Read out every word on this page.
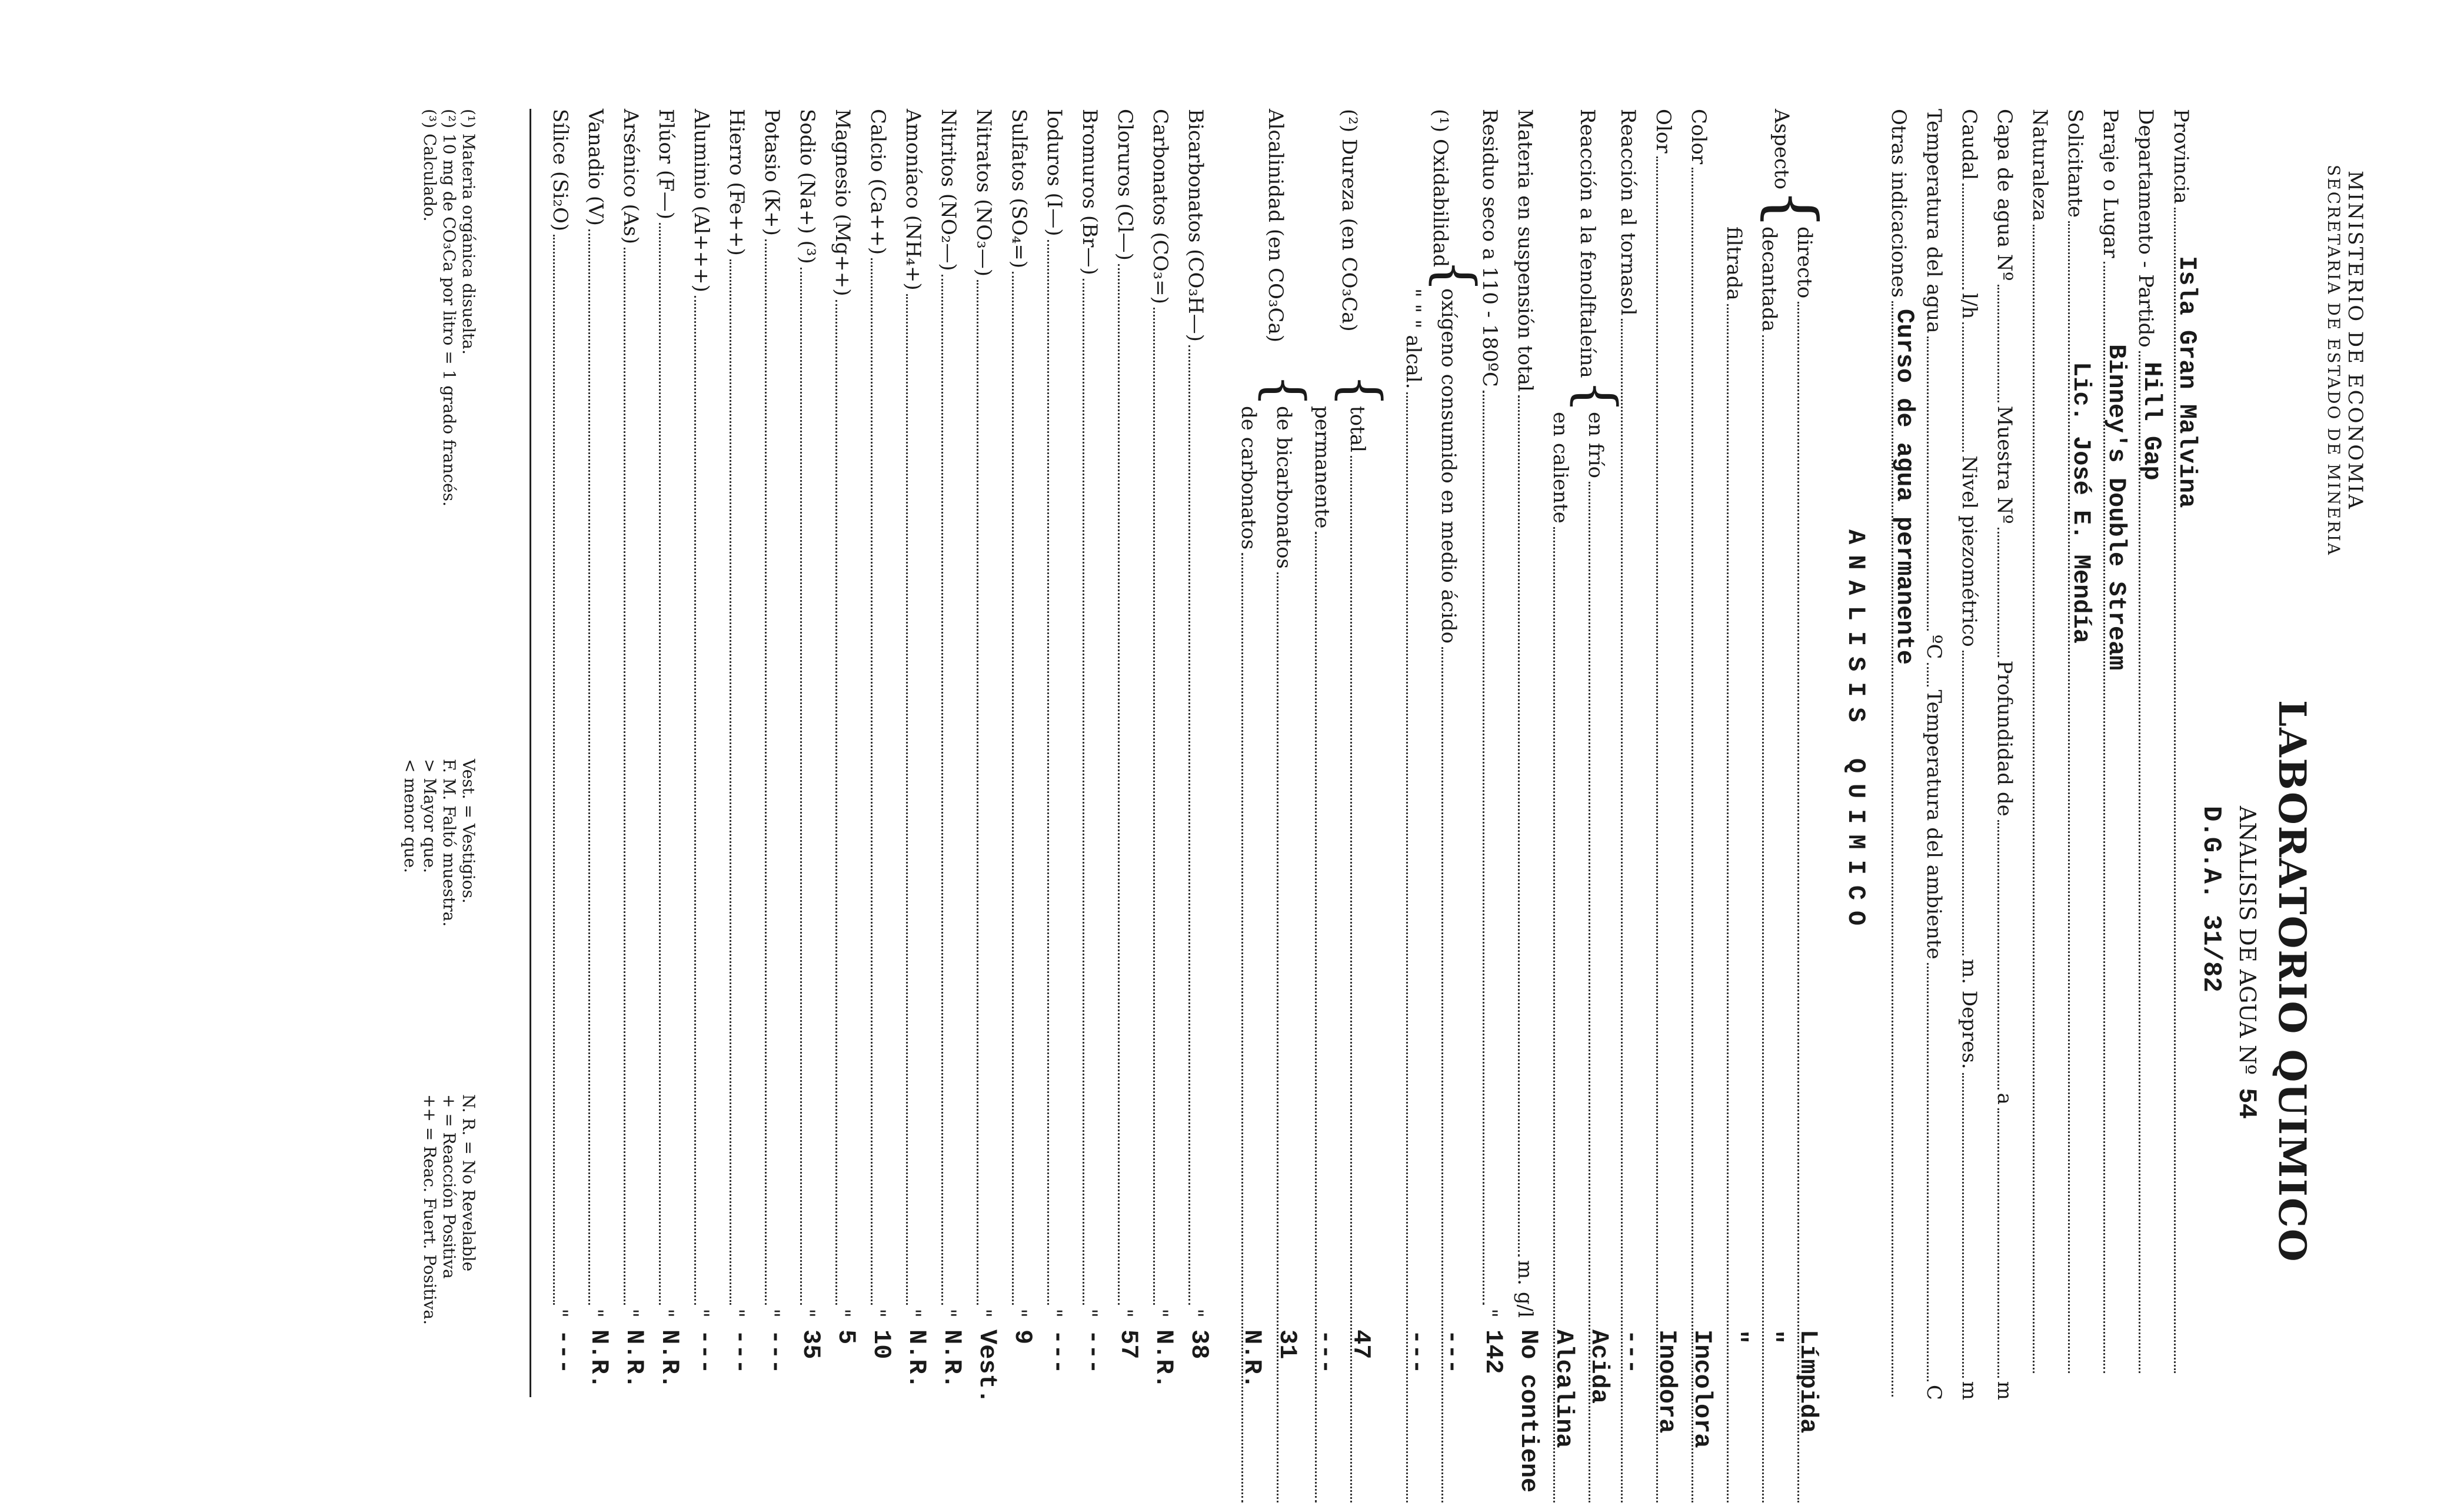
MINISTERIO DE ECONOMIA
SECRETARIA DE ESTADO DE MINERIA
LABORATORIO QUIMICO
ANALISIS DE AGUA Nº 54
D.G.A. 31/82
Provincia
Isla Gran Malvina
Departamento - Partido
Hill Gap
Paraje o Lugar
Binney's Double Stream
Solicitante
Lic. José E. Mendía
Naturaleza
Capa de agua Nº
Muestra Nº
Profundidad de
a
m
Caudal
l/h
Nivel piezométrico
m. Depres.
m
Temperatura del agua
ºC
Temperatura del ambiente
C
Otras indicaciones
Curso de agua permanente
ANALISIS QUIMICO
Aspecto
{
directo
Límpida
decantada
"
filtrada
"
Color
Incolora
Olor
Inodora
Reacción al tornasol
---
Reacción a la fenolftaleína
{
en frío
Acida
en caliente
Alcalina
Materia en suspensión total
m. g/l
No contiene
Residuo seco a 110 - 180ºC
"
142
(¹) Oxidabilidad
{
oxígeno consumido en medio ácido
---
" " " alcal.
---
(²) Dureza (en CO₃Ca)
{
total
47
permanente
---
Alcalinidad (en CO₃Ca)
{
de bicarbonatos
31
de carbonatos
N.R.
Bicarbonatos (CO₃H—)
"
38
Carbonatos (CO₃=)
"
N.R.
Cloruros (Cl—)
"
57
Bromuros (Br—)
"
---
Ioduros (I—)
"
---
Sulfatos (SO₄=)
"
9
Nitratos (NO₃—)
"
Vest.
Nitritos (NO₂—)
"
N.R.
Amoníaco (NH₄+)
"
N.R.
Calcio (Ca++)
"
10
Magnesio (Mg++)
"
5
Sodio (Na+) (³)
"
35
Potasio (K+)
"
---
Hierro (Fe++)
"
---
Aluminio (Al+++)
"
---
Flúor (F—)
"
N.R.
Arsénico (As)
"
N.R.
Vanadio (V)
"
N.R.
Sílice (Si₂O)
"
---
(¹) Materia orgánica disuelta.
(²) 10 mg de CO₃Ca por litro = 1 grado francés.
(³) Calculado.
Vest. = Vestigios.
F. M. Faltó muestra.
> Mayor que.
< menor que.
N. R. = No Revelable
+ = Reacción Positiva
++ = Reac. Fuert. Positiva.
